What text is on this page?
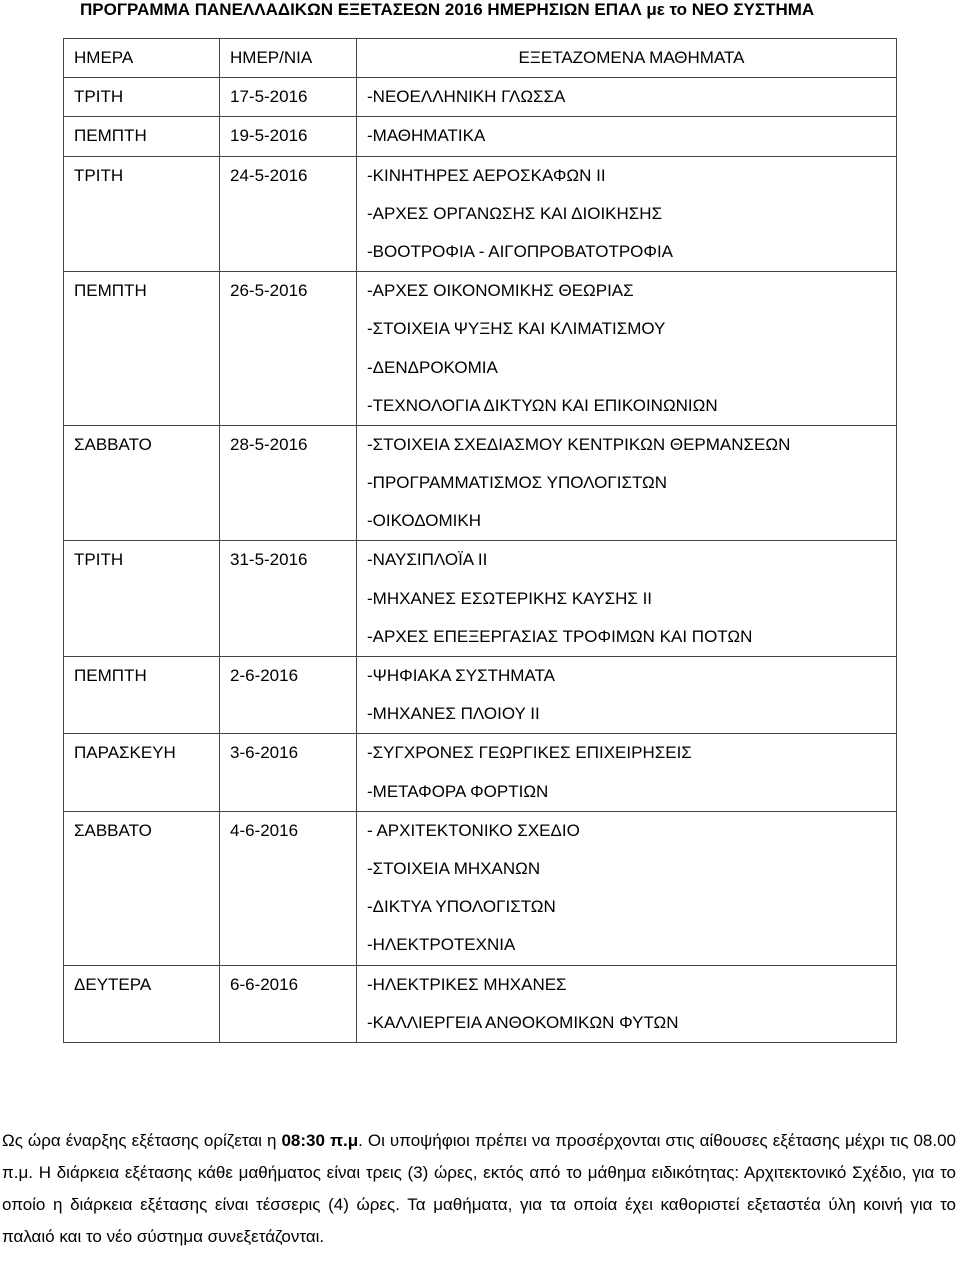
ΠΡΟΓΡΑΜΜΑ ΠΑΝΕΛΛΑΔΙΚΩΝ ΕΞΕΤΑΣΕΩΝ 2016 ΗΜΕΡΗΣΙΩΝ ΕΠΑΛ με το ΝΕΟ ΣΥΣΤΗΜΑ
ΗΜΕΡΑ	ΗΜΕΡ/ΝΙΑ	ΕΞΕΤΑΖΟΜΕΝΑ ΜΑΘΗΜΑΤΑ
ΤΡΙΤΗ	17-5-2016	-ΝΕΟΕΛΛΗΝΙΚΗ ΓΛΩΣΣΑ

ΠΕΜΠΤΗ	19-5-2016	-ΜΑΘΗΜΑΤΙΚΑ

ΤΡΙΤΗ	24-5-2016	-ΚΙΝΗΤΗΡΕΣ ΑΕΡΟΣΚΑΦΩΝ ΙΙ
-ΑΡΧΕΣ ΟΡΓΑΝΩΣΗΣ ΚΑΙ ΔΙΟΙΚΗΣΗΣ
-ΒΟΟΤΡΟΦΙΑ - ΑΙΓΟΠΡΟΒΑΤΟΤΡΟΦΙΑ

ΠΕΜΠΤΗ	26-5-2016	-ΑΡΧΕΣ ΟΙΚΟΝΟΜΙΚΗΣ ΘΕΩΡΙΑΣ
-ΣΤΟΙΧΕΙΑ ΨΥΞΗΣ ΚΑΙ ΚΛΙΜΑΤΙΣΜΟΥ
-ΔΕΝΔΡΟΚΟΜΙΑ
-ΤΕΧΝΟΛΟΓΙΑ ΔΙΚΤΥΩΝ ΚΑΙ ΕΠΙΚΟΙΝΩΝΙΩΝ

ΣΑΒΒΑΤΟ	28-5-2016	-ΣΤΟΙΧΕΙΑ ΣΧΕΔΙΑΣΜΟΥ ΚΕΝΤΡΙΚΩΝ ΘΕΡΜΑΝΣΕΩΝ
-ΠΡΟΓΡΑΜΜΑΤΙΣΜΟΣ ΥΠΟΛΟΓΙΣΤΩΝ
-ΟΙΚΟΔΟΜΙΚΗ

ΤΡΙΤΗ	31-5-2016	-ΝΑΥΣΙΠΛΟΪΑ ΙΙ
-ΜΗΧΑΝΕΣ ΕΣΩΤΕΡΙΚΗΣ ΚΑΥΣΗΣ ΙΙ
-ΑΡΧΕΣ ΕΠΕΞΕΡΓΑΣΙΑΣ ΤΡΟΦΙΜΩΝ ΚΑΙ ΠΟΤΩΝ

ΠΕΜΠΤΗ	2-6-2016	-ΨΗΦΙΑΚΑ ΣΥΣΤΗΜΑΤΑ
-ΜΗΧΑΝΕΣ ΠΛΟΙΟΥ ΙΙ

ΠΑΡΑΣΚΕΥΗ	3-6-2016	-ΣΥΓΧΡΟΝΕΣ ΓΕΩΡΓΙΚΕΣ ΕΠΙΧΕΙΡΗΣΕΙΣ
-ΜΕΤΑΦΟΡΑ ΦΟΡΤΙΩΝ

ΣΑΒΒΑΤΟ	4-6-2016	- ΑΡΧΙΤΕΚΤΟΝΙΚΟ ΣΧΕΔΙΟ
-ΣΤΟΙΧΕΙΑ ΜΗΧΑΝΩΝ
-ΔΙΚΤΥΑ ΥΠΟΛΟΓΙΣΤΩΝ
-ΗΛΕΚΤΡΟΤΕΧΝΙΑ

ΔΕΥΤΕΡΑ	6-6-2016	-ΗΛΕΚΤΡΙΚΕΣ ΜΗΧΑΝΕΣ
-ΚΑΛΛΙΕΡΓΕΙΑ ΑΝΘΟΚΟΜΙΚΩΝ ΦΥΤΩΝ
Ως ώρα έναρξης εξέτασης ορίζεται η 08:30 π.μ. Οι υποψήφιοι πρέπει να προσέρχονται στις αίθουσες εξέτασης μέχρι τις 08.00 π.μ. Η διάρκεια εξέτασης κάθε μαθήματος είναι τρεις (3) ώρες, εκτός από το μάθημα ειδικότητας: Αρχιτεκτονικό Σχέδιο, για το οποίο η διάρκεια εξέτασης είναι τέσσερις (4) ώρες. Τα μαθήματα, για τα οποία έχει καθοριστεί εξεταστέα ύλη κοινή για το παλαιό και το νέο σύστημα συνεξετάζονται.
